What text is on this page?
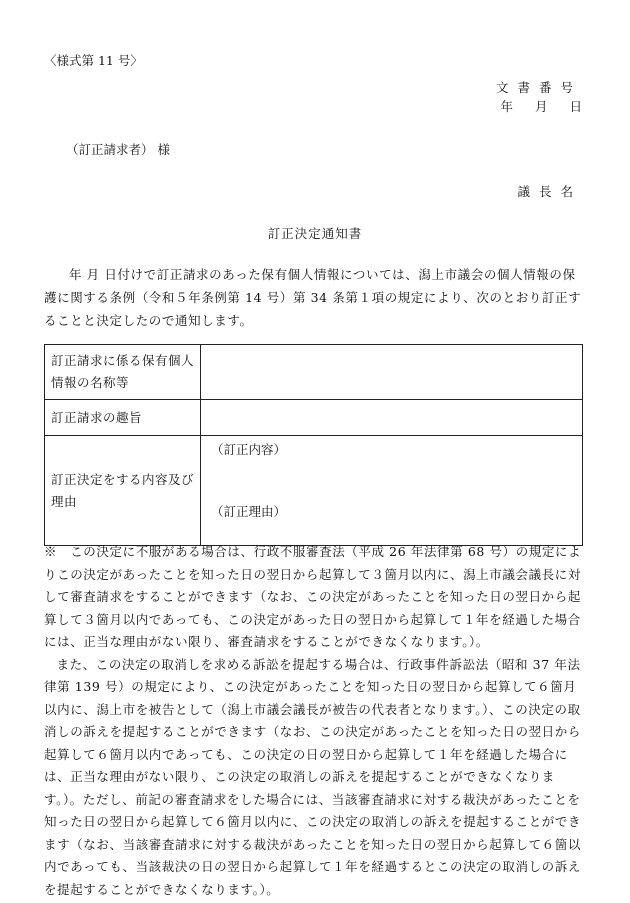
〈様式第 11 号〉
文書番号
年 月 日
（訂正請求者） 様
議長名
訂正決定通知書
年 月 日付けで訂正請求のあった保有個人情報については、潟上市議会の個人情報の保護に関する条例（令和５年条例第 14 号）第 34 条第１項の規定により、次のとおり訂正することと決定したので通知します。
訂正請求に係る保有個人情報の名称等	
訂正請求の趣旨	
訂正決定をする内容及び理由	（訂正内容）
（訂正理由）

※　この決定に不服がある場合は、行政不服審査法（平成 26 年法律第 68 号）の規定によりこの決定があったことを知った日の翌日から起算して３箇月以内に、潟上市議会議長に対して審査請求をすることができます（なお、この決定があったことを知った日の翌日から起算して３箇月以内であっても、この決定があった日の翌日から起算して１年を経過した場合には、正当な理由がない限り、審査請求をすることができなくなります。）。

また、この決定の取消しを求める訴訟を提起する場合は、行政事件訴訟法（昭和 37 年法律第 139 号）の規定により、この決定があったことを知った日の翌日から起算して６箇月以内に、潟上市を被告として（潟上市議会議長が被告の代表者となります。）、この決定の取消しの訴えを提起することができます（なお、この決定があったことを知った日の翌日から起算して６箇月以内であっても、この決定の日の翌日から起算して１年を経過した場合には、正当な理由がない限り、この決定の取消しの訴えを提起することができなくなります。）。ただし、前記の審査請求をした場合には、当該審査請求に対する裁決があったことを知った日の翌日から起算して６箇月以内に、この決定の取消しの訴えを提起することができます（なお、当該審査請求に対する裁決があったことを知った日の翌日から起算して６箇以内であっても、当該裁決の日の翌日から起算して１年を経過するとこの決定の取消しの訴えを提起することができなくなります。）。
